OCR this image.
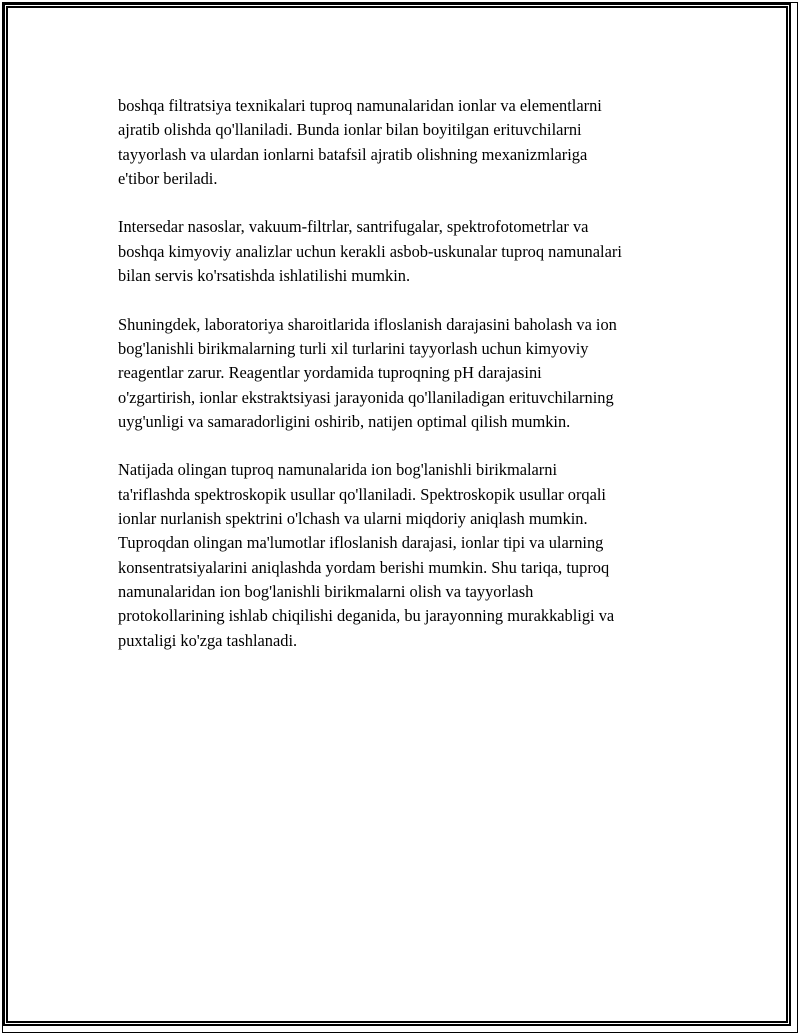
boshqa filtratsiya texnikalari tuproq namunalaridan ionlar va elementlarni
ajratib olishda qo'llaniladi. Bunda ionlar bilan boyitilgan erituvchilarni
tayyorlash va ulardan ionlarni batafsil ajratib olishning mexanizmlariga
e'tibor beriladi.

Intersedar nasoslar, vakuum-filtrlar, santrifugalar, spektrofotometrlar va
boshqa kimyoviy analizlar uchun kerakli asbob-uskunalar tuproq namunalari
bilan servis ko'rsatishda ishlatilishi mumkin.

Shuningdek, laboratoriya sharoitlarida ifloslanish darajasini baholash va ion
bog'lanishli birikmalarning turli xil turlarini tayyorlash uchun kimyoviy
reagentlar zarur. Reagentlar yordamida tuproqning pH darajasini
o'zgartirish, ionlar ekstraktsiyasi jarayonida qo'llaniladigan erituvchilarning
uyg'unligi va samaradorligini oshirib, natijen optimal qilish mumkin.

Natijada olingan tuproq namunalarida ion bog'lanishli birikmalarni
ta'riflashda spektroskopik usullar qo'llaniladi. Spektroskopik usullar orqali
ionlar nurlanish spektrini o'lchash va ularni miqdoriy aniqlash mumkin.
Tuproqdan olingan ma'lumotlar ifloslanish darajasi, ionlar tipi va ularning
konsentratsiyalarini aniqlashda yordam berishi mumkin. Shu tariqa, tuproq
namunalaridan ion bog'lanishli birikmalarni olish va tayyorlash
protokollarining ishlab chiqilishi deganida, bu jarayonning murakkabligi va
puxtaligi ko'zga tashlanadi.
